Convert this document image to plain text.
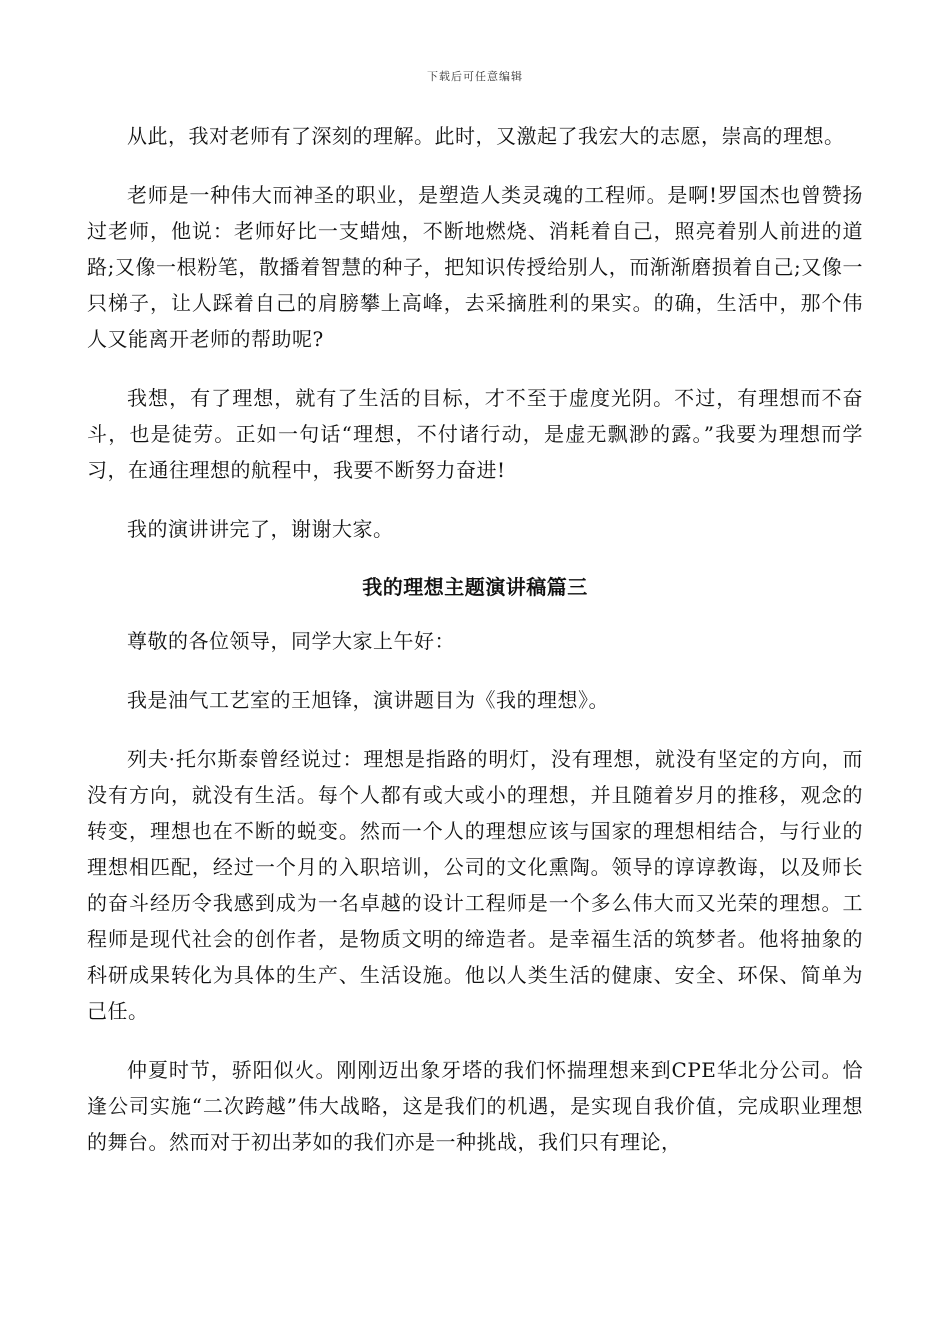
下载后可任意编辑

从此，我对老师有了深刻的理解。此时，又激起了我宏大的志愿，崇高的理想。

老师是一种伟大而神圣的职业，是塑造人类灵魂的工程师。是啊!罗国杰也曾赞扬过老师，他说：老师好比一支蜡烛，不断地燃烧、消耗着自己，照亮着别人前进的道路;又像一根粉笔，散播着智慧的种子，把知识传授给别人，而渐渐磨损着自己;又像一只梯子，让人踩着自己的肩膀攀上高峰，去采摘胜利的果实。的确，生活中，那个伟人又能离开老师的帮助呢?

我想，有了理想，就有了生活的目标，才不至于虚度光阴。不过，有理想而不奋斗，也是徒劳。正如一句话“理想，不付诸行动，是虚无飘渺的露。”我要为理想而学习，在通往理想的航程中，我要不断努力奋进!

我的演讲讲完了，谢谢大家。

我的理想主题演讲稿篇三

尊敬的各位领导，同学大家上午好：

我是油气工艺室的王旭锋，演讲题目为《我的理想》。

列夫·托尔斯泰曾经说过：理想是指路的明灯，没有理想，就没有坚定的方向，而没有方向，就没有生活。每个人都有或大或小的理想，并且随着岁月的推移，观念的转变，理想也在不断的蜕变。然而一个人的理想应该与国家的理想相结合，与行业的理想相匹配，经过一个月的入职培训，公司的文化熏陶。领导的谆谆教诲，以及师长的奋斗经历令我感到成为一名卓越的设计工程师是一个多么伟大而又光荣的理想。工程师是现代社会的创作者，是物质文明的缔造者。是幸福生活的筑梦者。他将抽象的科研成果转化为具体的生产、生活设施。他以人类生活的健康、安全、环保、简单为己任。

仲夏时节，骄阳似火。刚刚迈出象牙塔的我们怀揣理想来到CPE华北分公司。恰逢公司实施“二次跨越”伟大战略，这是我们的机遇，是实现自我价值，完成职业理想的舞台。然而对于初出茅如的我们亦是一种挑战，我们只有理论，
